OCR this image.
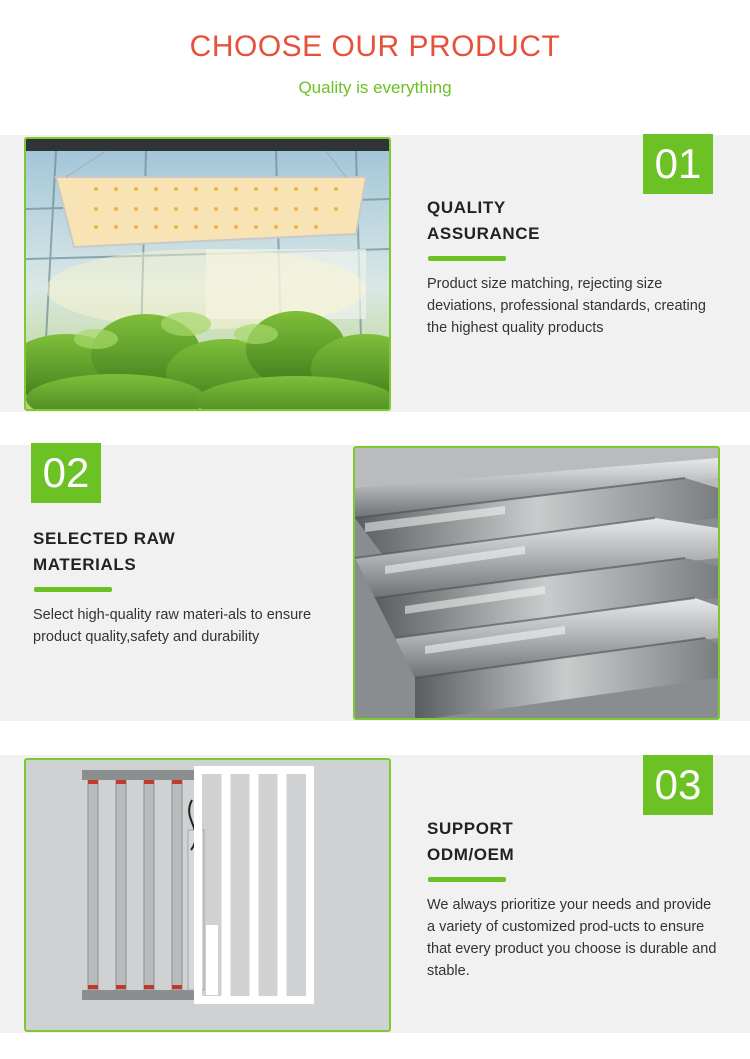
CHOOSE OUR PRODUCT

Quality is everything

01
QUALITY
ASSURANCE
Product size matching, rejecting size deviations, professional standards, creating the highest quality products
02
SELECTED RAW
MATERIALS
Select high-quality raw materi-als to ensure product quality,safety and durability
03
SUPPORT
ODM/OEM
We always prioritize your needs and provide a variety of customized prod-ucts to ensure that every product you choose is durable and stable.
